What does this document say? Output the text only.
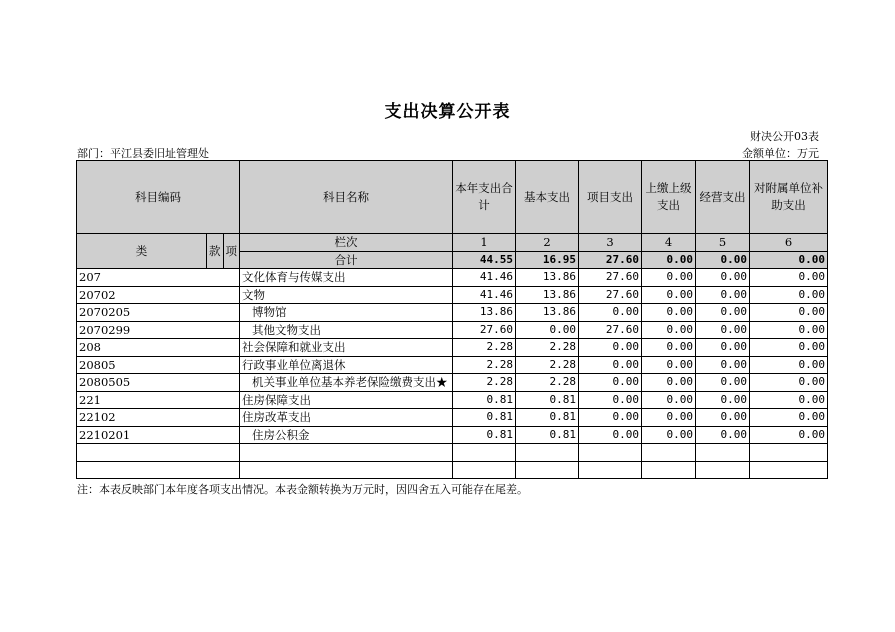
支出决算公开表
财决公开03表
部门：平江县委旧址管理处	金额单位：万元
科目编码			科目名称	本年支出合计	基本支出	项目支出	上缴上级支出	经营支出	对附属单位补助支出
类	款	项	栏次	1	2	3	4	5	6
			合计	44.55	16.95	27.60	0.00	0.00	0.00
207			文化体育与传媒支出	41.46	13.86	27.60	0.00	0.00	0.00
20702			文物	41.46	13.86	27.60	0.00	0.00	0.00
2070205			博物馆	13.86	13.86	0.00	0.00	0.00	0.00
2070299			其他文物支出	27.60	0.00	27.60	0.00	0.00	0.00
208			社会保障和就业支出	2.28	2.28	0.00	0.00	0.00	0.00
20805			行政事业单位离退休	2.28	2.28	0.00	0.00	0.00	0.00
2080505			机关事业单位基本养老保险缴费支出★	2.28	2.28	0.00	0.00	0.00	0.00
221			住房保障支出	0.81	0.81	0.00	0.00	0.00	0.00
22102			住房改革支出	0.81	0.81	0.00	0.00	0.00	0.00
2210201			住房公积金	0.81	0.81	0.00	0.00	0.00	0.00

注：本表反映部门本年度各项支出情况。本表金额转换为万元时，因四舍五入可能存在尾差。
